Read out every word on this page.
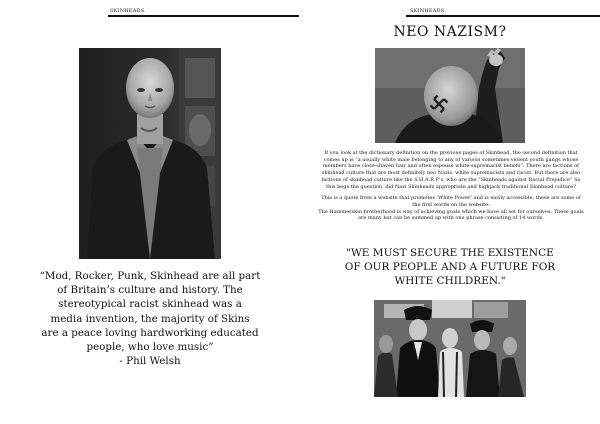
SKINHEADS.
“Mod, Rocker, Punk, Skinhead are all part
of Britain’s culture and history. The
stereotypical racist skinhead was a
media invention, the majority of Skins
are a peace loving hardworking educated
people, who love music”
- Phil Welsh
SKINHEADS.
NEO NAZISM?

If you look at the dictionary definition on the previous pages of Skinhead, the second definition that comes up is “a usually white male belonging to any of various sometimes violent youth gangs whose members have close-shaven hair and often espouse white-supremacist beliefs”. There are factions of skinhead culture that are most definitely neo Nazis, white supremacists and racist. But there are also factions of skinhead culture like the S.H.A.R.P’s, who are the “Skinheads against Racial Prejudice” So this begs the question, did Nazi Skinheads appropriate and highjack traditional Skinhead culture?

This is a quote from a website that promotes ‘White Power’ and is easily accessible; these are some of the first words on the website:

The Hammerskin brotherhood is way of achieving goals which we have all set for ourselves. These goals are many but can be summed up with one phrase consisting of 14 words.

"WE MUST SECURE THE EXISTENCE
OF OUR PEOPLE AND A FUTURE FOR
WHITE CHILDREN."
